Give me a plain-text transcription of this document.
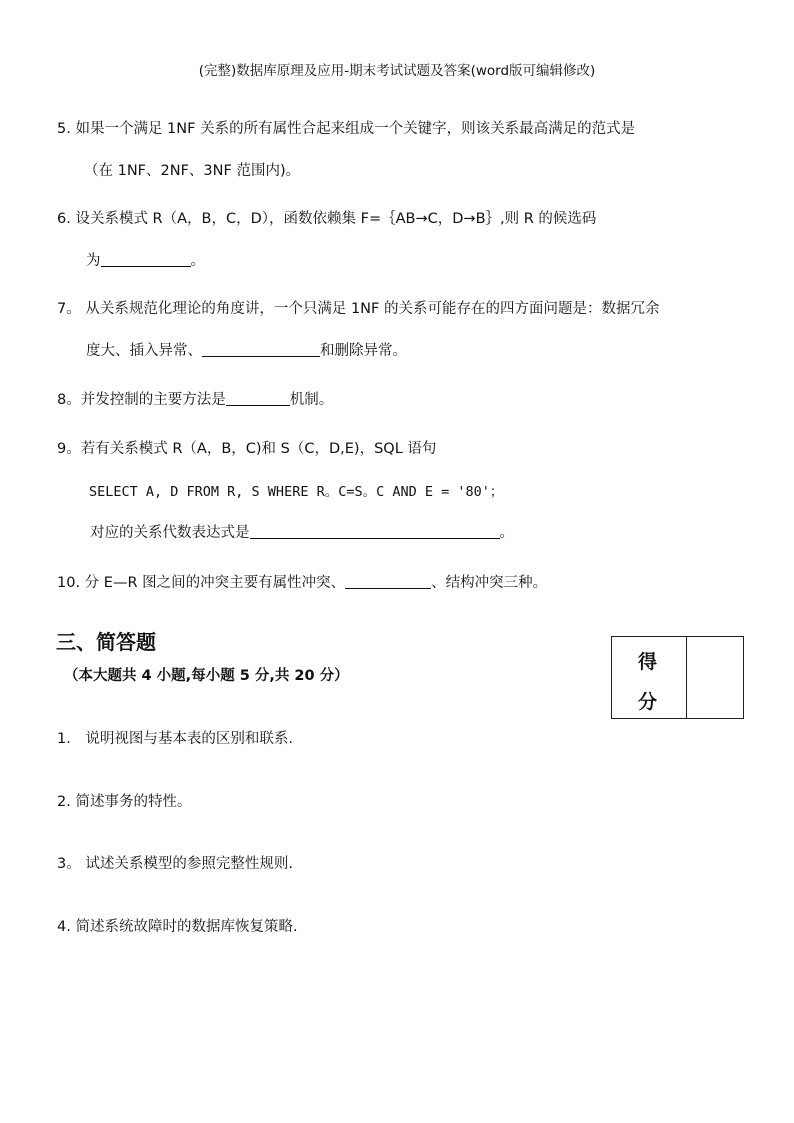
(完整)数据库原理及应用-期末考试试题及答案(word版可编辑修改)
5. 如果一个满足 1NF 关系的所有属性合起来组成一个关键字，则该关系最高满足的范式是
（在 1NF、2NF、3NF 范围内)。
6. 设关系模式 R（A，B，C，D），函数依赖集 F=｛AB→C，D→B｝,则 R 的候选码
为	。
7。 从关系规范化理论的角度讲，一个只满足 1NF 的关系可能存在的四方面问题是：数据冗余
度大、插入异常、	和删除异常。
8。并发控制的主要方法是	机制。
9。若有关系模式 R（A，B，C)和 S（C，D,E)，SQL 语句
SELECT A, D FROM R, S WHERE R。C=S。C AND E = '80'；
对应的关系代数表达式是	。
10. 分 E—R 图之间的冲突主要有属性冲突、	、结构冲突三种。
三、简答题
（本大题共 4 小题,每小题 5 分,共 20 分）
得
分
1． 说明视图与基本表的区别和联系.
2. 简述事务的特性。
3。 试述关系模型的参照完整性规则.
4. 简述系统故障时的数据库恢复策略.
